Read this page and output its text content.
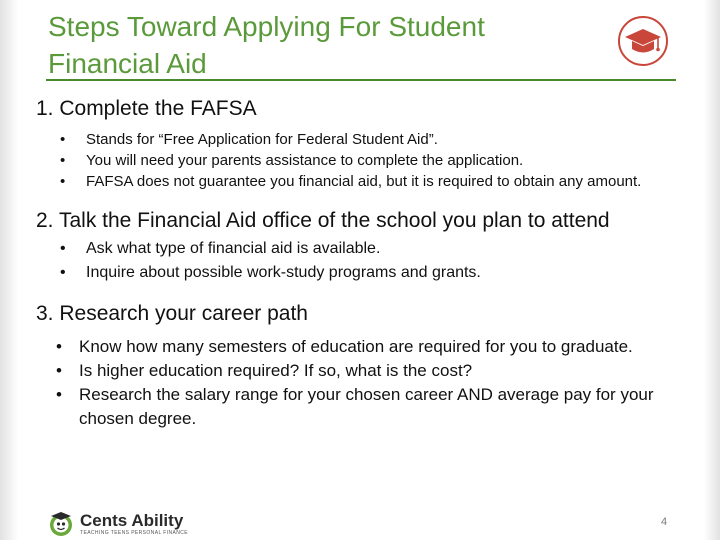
Steps Toward Applying For Student Financial Aid
1. Complete the FAFSA
• Stands for “Free Application for Federal Student Aid”.
• You will need your parents assistance to complete the application.
• FAFSA does not guarantee you financial aid, but it is required to obtain any amount.
2. Talk the Financial Aid office of the school you plan to attend
• Ask what type of financial aid is available.
• Inquire about possible work-study programs and grants.
3. Research your career path
• Know how many semesters of education are required for you to graduate.
• Is higher education required? If so, what is the cost?
• Research the salary range for your chosen career AND average pay for your chosen degree.
Cents Ability
TEACHING TEENS PERSONAL FINANCE
4
